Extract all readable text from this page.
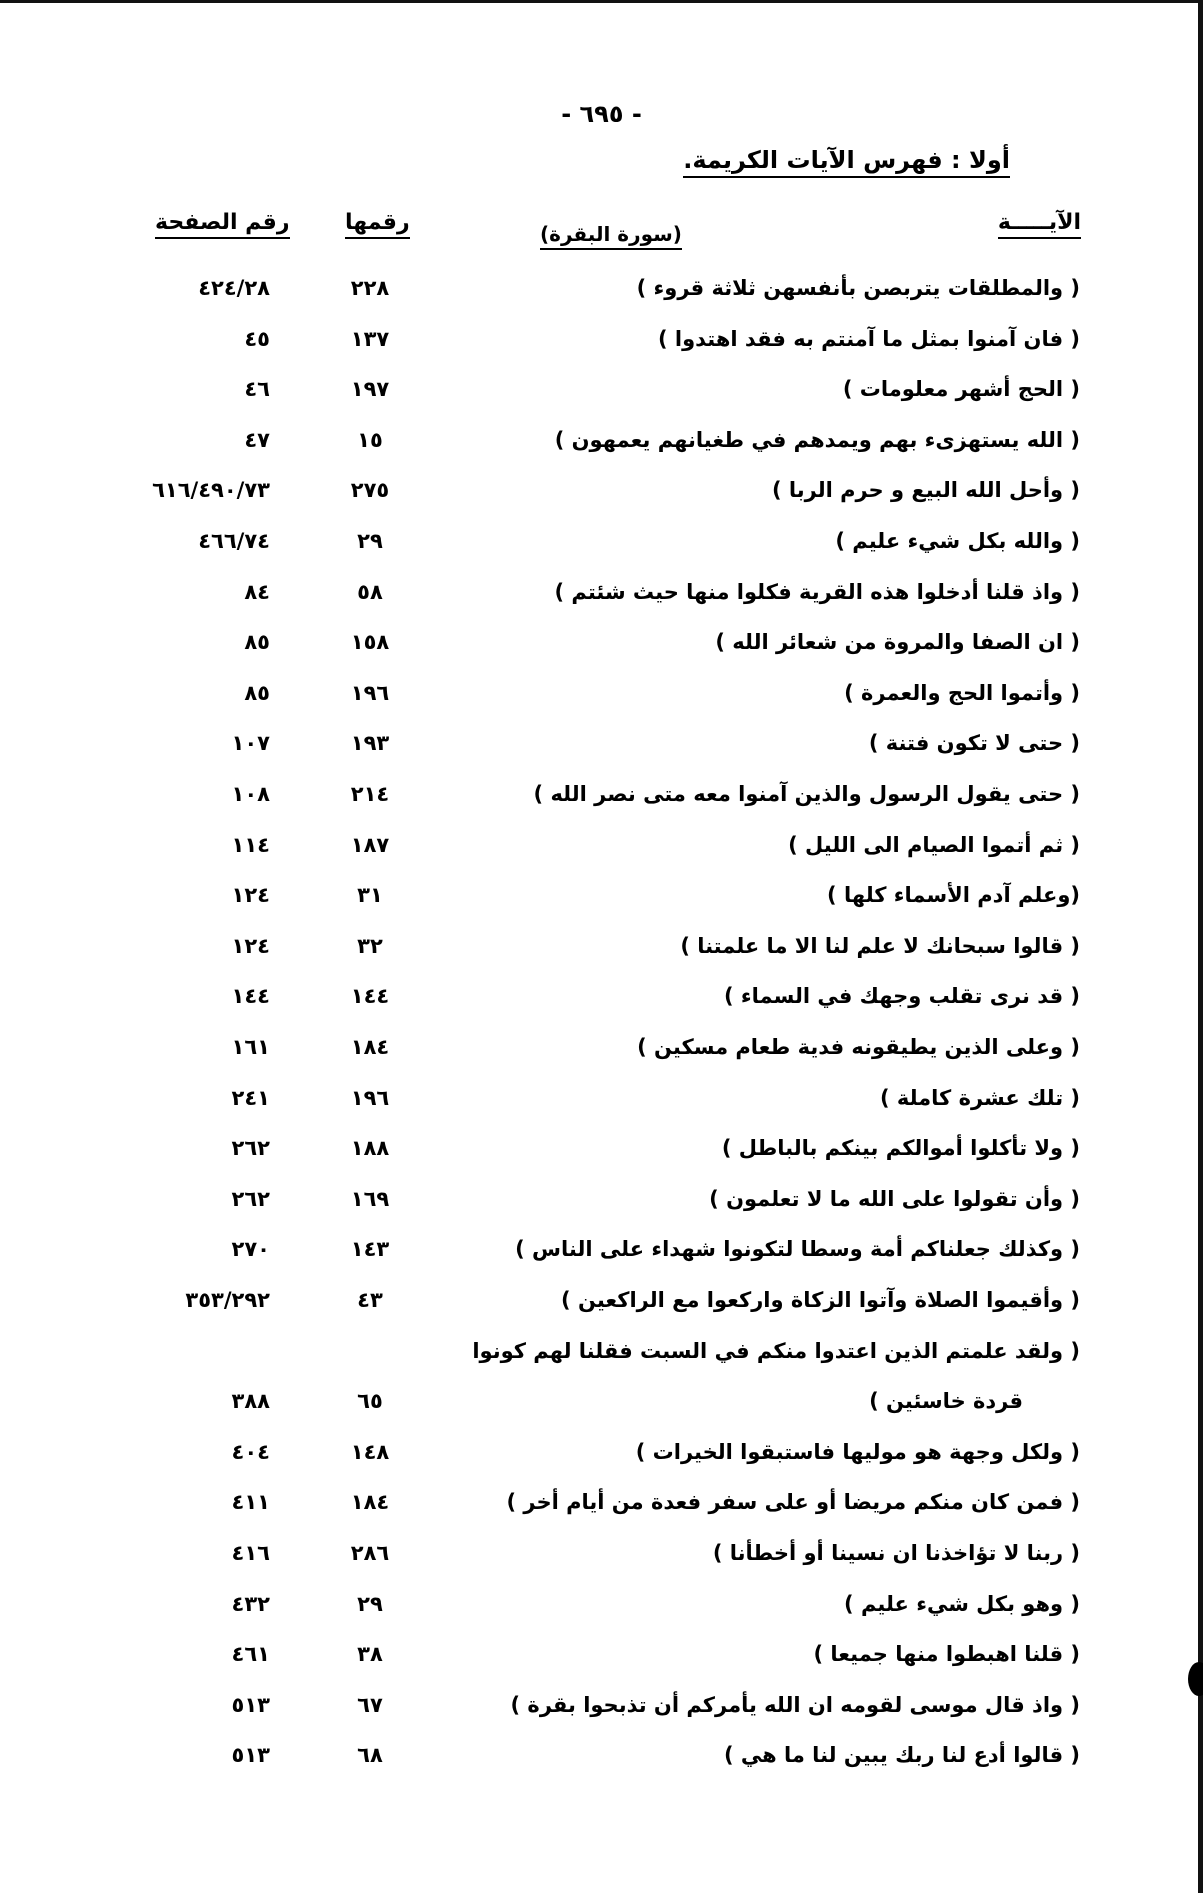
- ٦٩٥ -
أولا : فهرس الآيات الكريمة.
الآيـــــة
(سورة البقرة)
رقمها
رقم الصفحة
( والمطلقات يتربصن بأنفسهن ثلاثة قروء )
٢٢٨
٤٢٤/٢٨
( فان آمنوا بمثل ما آمنتم به فقد اهتدوا )
١٣٧
٤٥
( الحج أشهر معلومات )
١٩٧
٤٦
( الله يستهزىء بهم ويمدهم في طغيانهم يعمهون )
١٥
٤٧
( وأحل الله البيع و حرم الربا )
٢٧٥
٦١٦/٤٩٠/٧٣
( والله بكل شيء عليم )
٢٩
٤٦٦/٧٤
( واذ قلنا أدخلوا هذه القرية فكلوا منها حيث شئتم )
٥٨
٨٤
( ان الصفا والمروة من شعائر الله )
١٥٨
٨٥
( وأتموا الحج والعمرة )
١٩٦
٨٥
( حتى لا تكون فتنة )
١٩٣
١٠٧
( حتى يقول الرسول والذين آمنوا معه متى نصر الله )
٢١٤
١٠٨
( ثم أتموا الصيام الى الليل )
١٨٧
١١٤
(وعلم آدم الأسماء كلها )
٣١
١٢٤
( قالوا سبحانك لا علم لنا الا ما علمتنا )
٣٢
١٢٤
( قد نرى تقلب وجهك في السماء )
١٤٤
١٤٤
( وعلى الذين يطيقونه فدية طعام مسكين )
١٨٤
١٦١
( تلك عشرة كاملة )
١٩٦
٢٤١
( ولا تأكلوا أموالكم بينكم بالباطل )
١٨٨
٢٦٢
( وأن تقولوا على الله ما لا تعلمون )
١٦٩
٢٦٢
( وكذلك جعلناكم أمة وسطا لتكونوا شهداء على الناس )
١٤٣
٢٧٠
( وأقيموا الصلاة وآتوا الزكاة واركعوا مع الراكعين )
٤٣
٣٥٣/٢٩٢
( ولقد علمتم الذين اعتدوا منكم في السبت فقلنا لهم كونوا
قردة خاسئين )
٦٥
٣٨٨
( ولكل وجهة هو موليها فاستبقوا الخيرات )
١٤٨
٤٠٤
( فمن كان منكم مريضا أو على سفر فعدة من أيام أخر )
١٨٤
٤١١
( ربنا لا تؤاخذنا ان نسينا أو أخطأنا )
٢٨٦
٤١٦
( وهو بكل شيء عليم )
٢٩
٤٣٢
( قلنا اهبطوا منها جميعا )
٣٨
٤٦١
( واذ قال موسى لقومه ان الله يأمركم أن تذبحوا بقرة )
٦٧
٥١٣
( قالوا أدع لنا ربك يبين لنا ما هي )
٦٨
٥١٣
